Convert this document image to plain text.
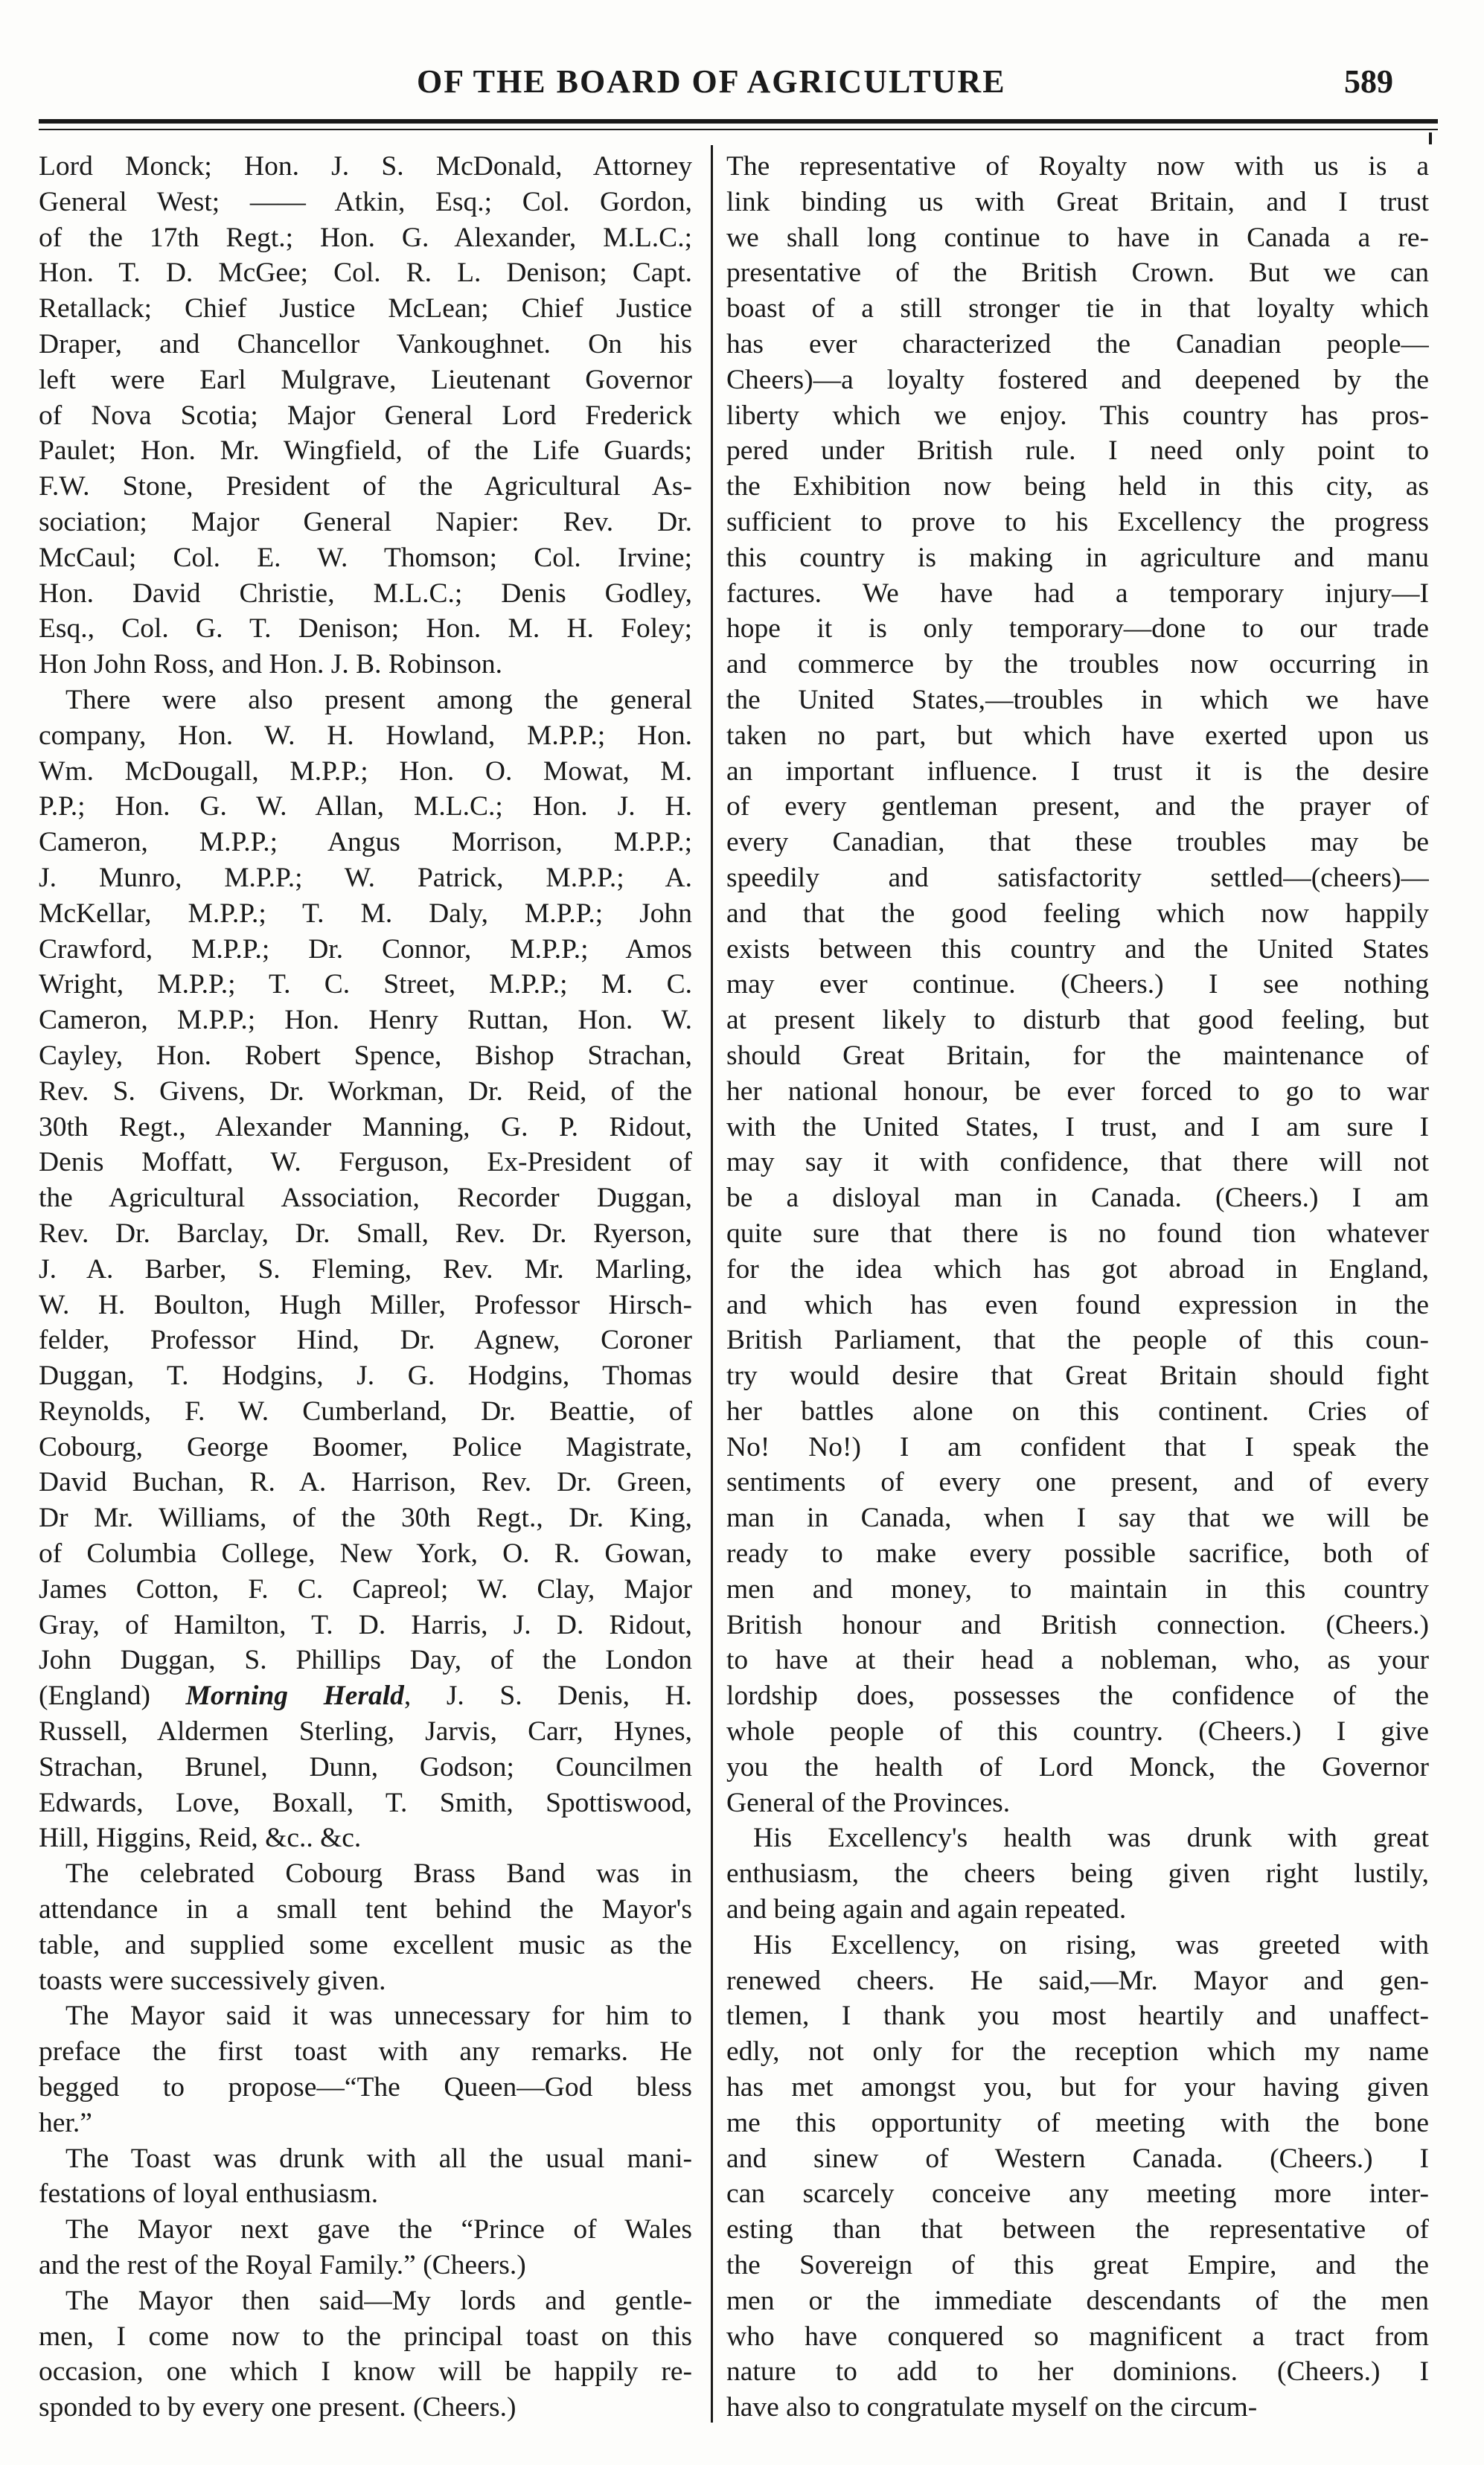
OF THE BOARD OF AGRICULTURE	589
Lord Monck; Hon. J. S. McDonald, Attorney
General West; —— Atkin, Esq.; Col. Gordon,
of the 17th Regt.; Hon. G. Alexander, M.L.C.;
Hon. T. D. McGee; Col. R. L. Denison; Capt.
Retallack; Chief Justice McLean; Chief Justice
Draper, and Chancellor Vankoughnet. On his
left were Earl Mulgrave, Lieutenant Governor
of Nova Scotia; Major General Lord Frederick
Paulet; Hon. Mr. Wingfield, of the Life Guards;
F.W. Stone, President of the Agricultural As-
sociation; Major General Napier: Rev. Dr.
McCaul; Col. E. W. Thomson; Col. Irvine;
Hon. David Christie, M.L.C.; Denis Godley,
Esq., Col. G. T. Denison; Hon. M. H. Foley;
Hon John Ross, and Hon. J. B. Robinson.
There were also present among the general
company, Hon. W. H. Howland, M.P.P.; Hon.
Wm. McDougall, M.P.P.; Hon. O. Mowat, M.
P.P.; Hon. G. W. Allan, M.L.C.; Hon. J. H.
Cameron, M.P.P.; Angus Morrison, M.P.P.;
J. Munro, M.P.P.; W. Patrick, M.P.P.; A.
McKellar, M.P.P.; T. M. Daly, M.P.P.; John
Crawford, M.P.P.; Dr. Connor, M.P.P.; Amos
Wright, M.P.P.; T. C. Street, M.P.P.; M. C.
Cameron, M.P.P.; Hon. Henry Ruttan, Hon. W.
Cayley, Hon. Robert Spence, Bishop Strachan,
Rev. S. Givens, Dr. Workman, Dr. Reid, of the
30th Regt., Alexander Manning, G. P. Ridout,
Denis Moffatt, W. Ferguson, Ex-President of
the Agricultural Association, Recorder Duggan,
Rev. Dr. Barclay, Dr. Small, Rev. Dr. Ryerson,
J. A. Barber, S. Fleming, Rev. Mr. Marling,
W. H. Boulton, Hugh Miller, Professor Hirsch-
felder, Professor Hind, Dr. Agnew, Coroner
Duggan, T. Hodgins, J. G. Hodgins, Thomas
Reynolds, F. W. Cumberland, Dr. Beattie, of
Cobourg, George Boomer, Police Magistrate,
David Buchan, R. A. Harrison, Rev. Dr. Green,
Dr Mr. Williams, of the 30th Regt., Dr. King,
of Columbia College, New York, O. R. Gowan,
James Cotton, F. C. Capreol; W. Clay, Major
Gray, of Hamilton, T. D. Harris, J. D. Ridout,
John Duggan, S. Phillips Day, of the London
(England) Morning Herald, J. S. Denis, H.
Russell, Aldermen Sterling, Jarvis, Carr, Hynes,
Strachan, Brunel, Dunn, Godson; Councilmen
Edwards, Love, Boxall, T. Smith, Spottiswood,
Hill, Higgins, Reid, &c.. &c.
The celebrated Cobourg Brass Band was in
attendance in a small tent behind the Mayor's
table, and supplied some excellent music as the
toasts were successively given.
The Mayor said it was unnecessary for him to
preface the first toast with any remarks. He
begged to propose—“The Queen—God bless
her.”
The Toast was drunk with all the usual mani-
festations of loyal enthusiasm.
The Mayor next gave the “Prince of Wales
and the rest of the Royal Family.” (Cheers.)
The Mayor then said—My lords and gentle-
men, I come now to the principal toast on this
occasion, one which I know will be happily re-
sponded to by every one present. (Cheers.)
The representative of Royalty now with us is a
link binding us with Great Britain, and I trust
we shall long continue to have in Canada a re-
presentative of the British Crown. But we can
boast of a still stronger tie in that loyalty which
has ever characterized the Canadian people—
Cheers)—a loyalty fostered and deepened by the
liberty which we enjoy. This country has pros-
pered under British rule. I need only point to
the Exhibition now being held in this city, as
sufficient to prove to his Excellency the progress
this country is making in agriculture and manu
factures. We have had a temporary injury—I
hope it is only temporary—done to our trade
and commerce by the troubles now occurring in
the United States,—troubles in which we have
taken no part, but which have exerted upon us
an important influence. I trust it is the desire
of every gentleman present, and the prayer of
every Canadian, that these troubles may be
speedily and satisfactority settled—(cheers)—
and that the good feeling which now happily
exists between this country and the United States
may ever continue. (Cheers.) I see nothing
at present likely to disturb that good feeling, but
should Great Britain, for the maintenance of
her national honour, be ever forced to go to war
with the United States, I trust, and I am sure I
may say it with confidence, that there will not
be a disloyal man in Canada. (Cheers.) I am
quite sure that there is no found tion whatever
for the idea which has got abroad in England,
and which has even found expression in the
British Parliament, that the people of this coun-
try would desire that Great Britain should fight
her battles alone on this continent. Cries of
No! No!) I am confident that I speak the
sentiments of every one present, and of every
man in Canada, when I say that we will be
ready to make every possible sacrifice, both of
men and money, to maintain in this country
British honour and British connection. (Cheers.)
to have at their head a nobleman, who, as your
lordship does, possesses the confidence of the
whole people of this country. (Cheers.) I give
you the health of Lord Monck, the Governor
General of the Provinces.
His Excellency's health was drunk with great
enthusiasm, the cheers being given right lustily,
and being again and again repeated.
His Excellency, on rising, was greeted with
renewed cheers. He said,—Mr. Mayor and gen-
tlemen, I thank you most heartily and unaffect-
edly, not only for the reception which my name
has met amongst you, but for your having given
me this opportunity of meeting with the bone
and sinew of Western Canada. (Cheers.) I
can scarcely conceive any meeting more inter-
esting than that between the representative of
the Sovereign of this great Empire, and the
men or the immediate descendants of the men
who have conquered so magnificent a tract from
nature to add to her dominions. (Cheers.) I
have also to congratulate myself on the circum-
